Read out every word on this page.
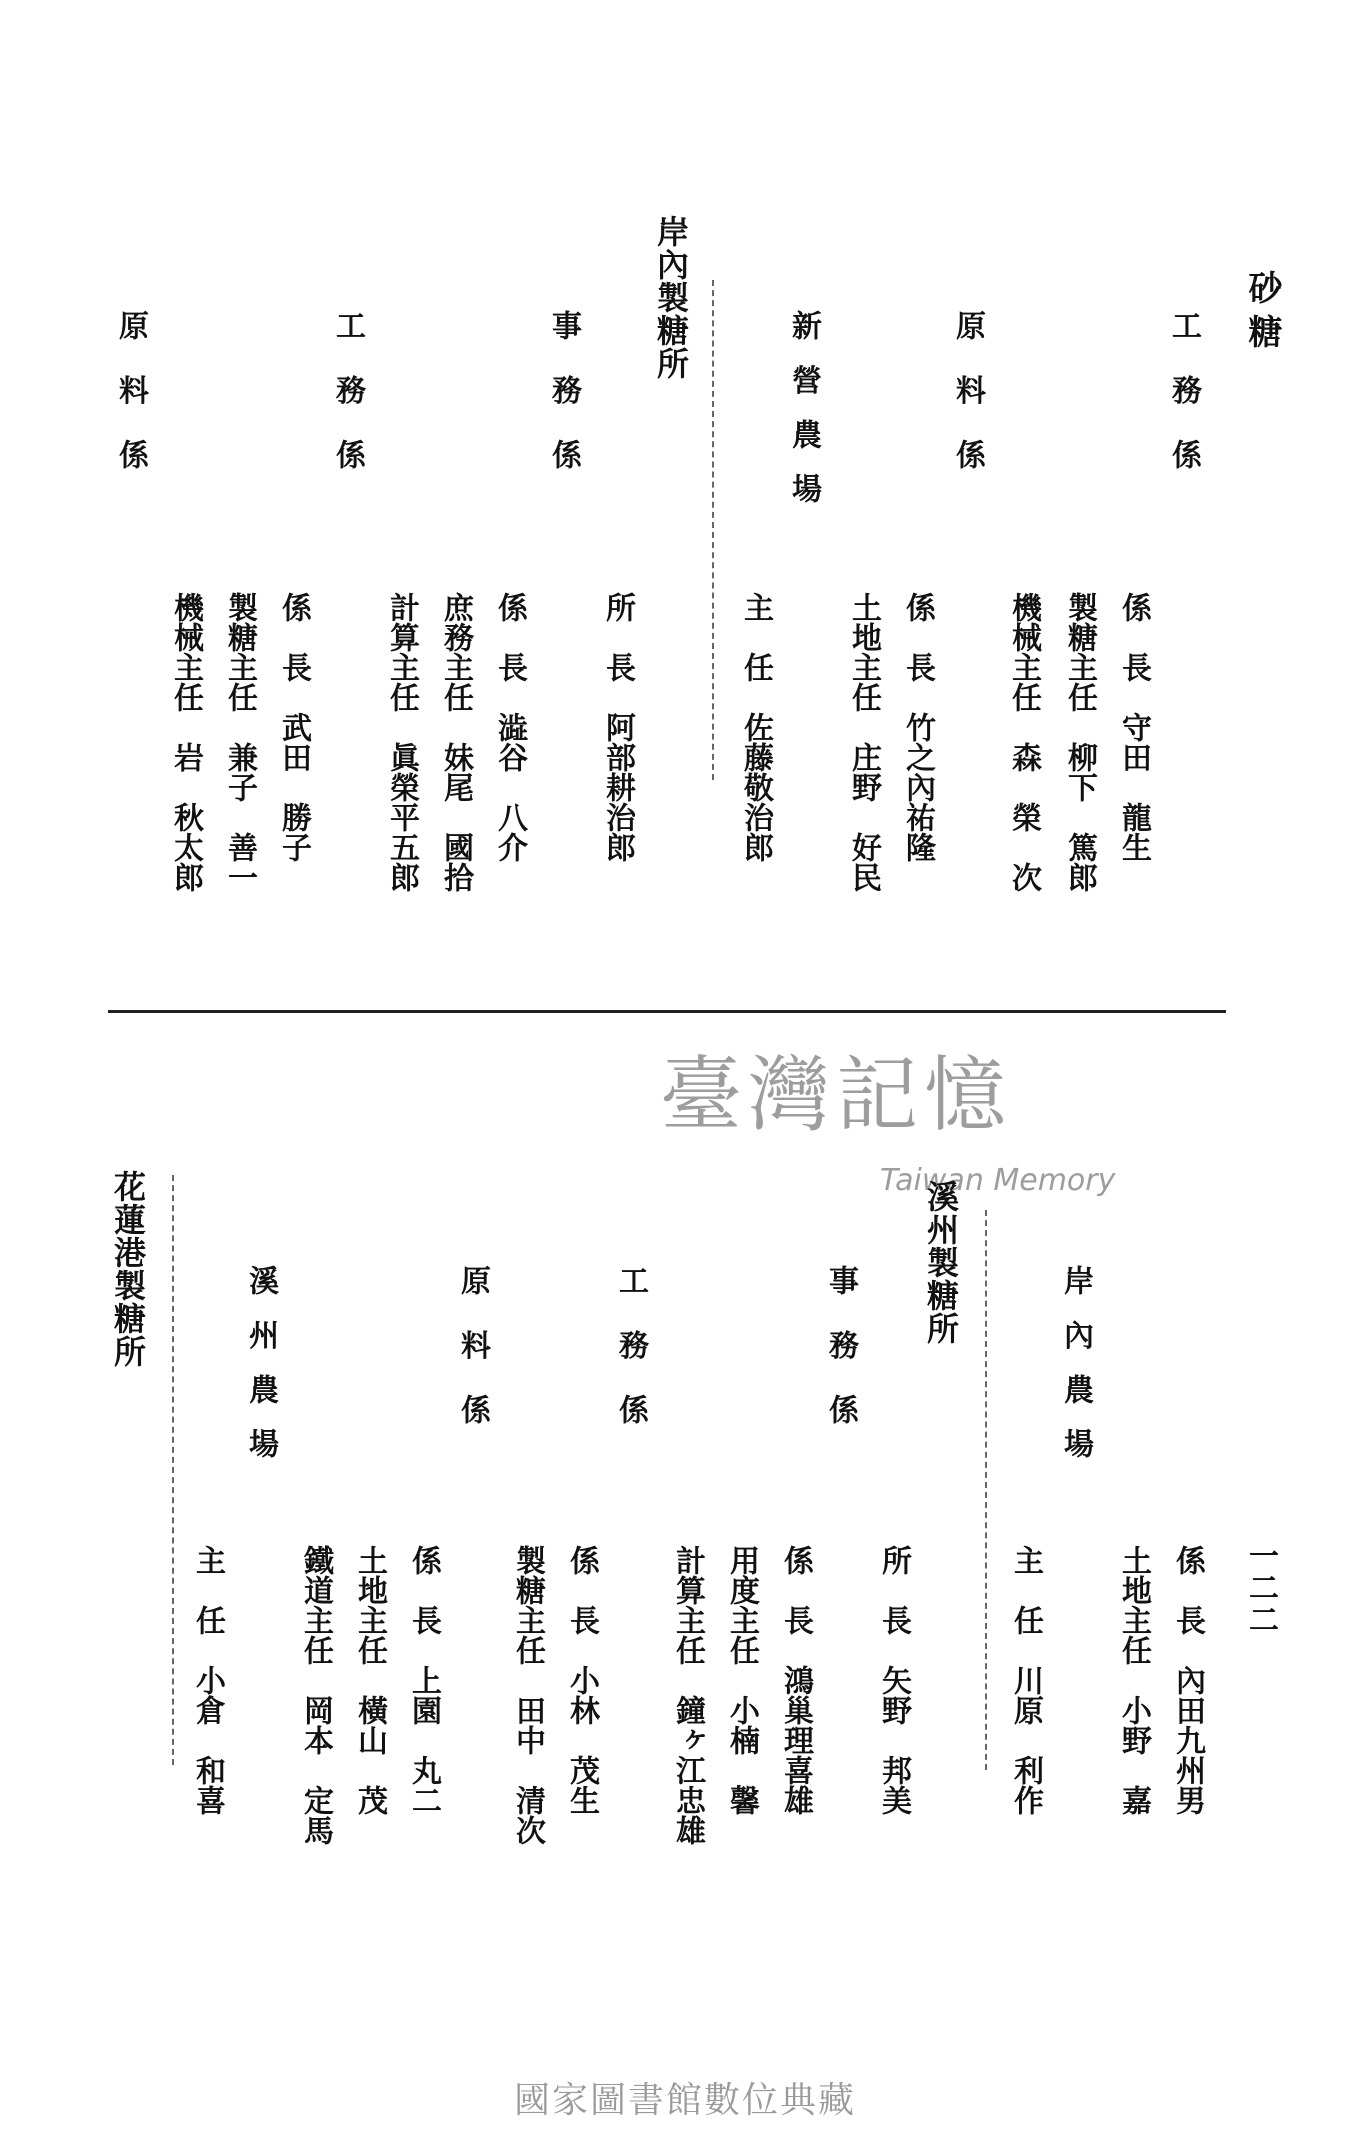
砂糖
一二二
工 務 係
原 料 係
新 營 農 場
係　長　守田　龍生
製糖主任　柳下　篤郎
機械主任　森　榮　次
係　長　竹之內祐隆
土地主任　庄野　好民
主　任　佐藤敬治郎
岸內製糖所
事 務 係
工 務 係
原 料 係
所　長　阿部耕治郎
係　長　澁谷　八介
庶務主任　妹尾　國拾
計算主任　眞榮平五郎
係　長　武田　勝子
製糖主任　兼子　善一
機械主任　岩　秋太郎
臺灣記憶
Taiwan Memory
岸 內 農 場
係　長　內田九州男
土地主任　小野　嘉
主　任　川原　利作
溪州製糖所
事 務 係
工 務 係
原 料 係
溪 州 農 場
所　長　矢野　邦美
係　長　鴻巢理喜雄
用度主任　小楠　馨
計算主任　鐘ヶ江忠雄
係　長　小林　茂生
製糖主任　田中　清次
係　長　上園　丸二
土地主任　橫山　茂
鐵道主任　岡本　定馬
主　任　小倉　和喜
花蓮港製糖所
國家圖書館數位典藏
